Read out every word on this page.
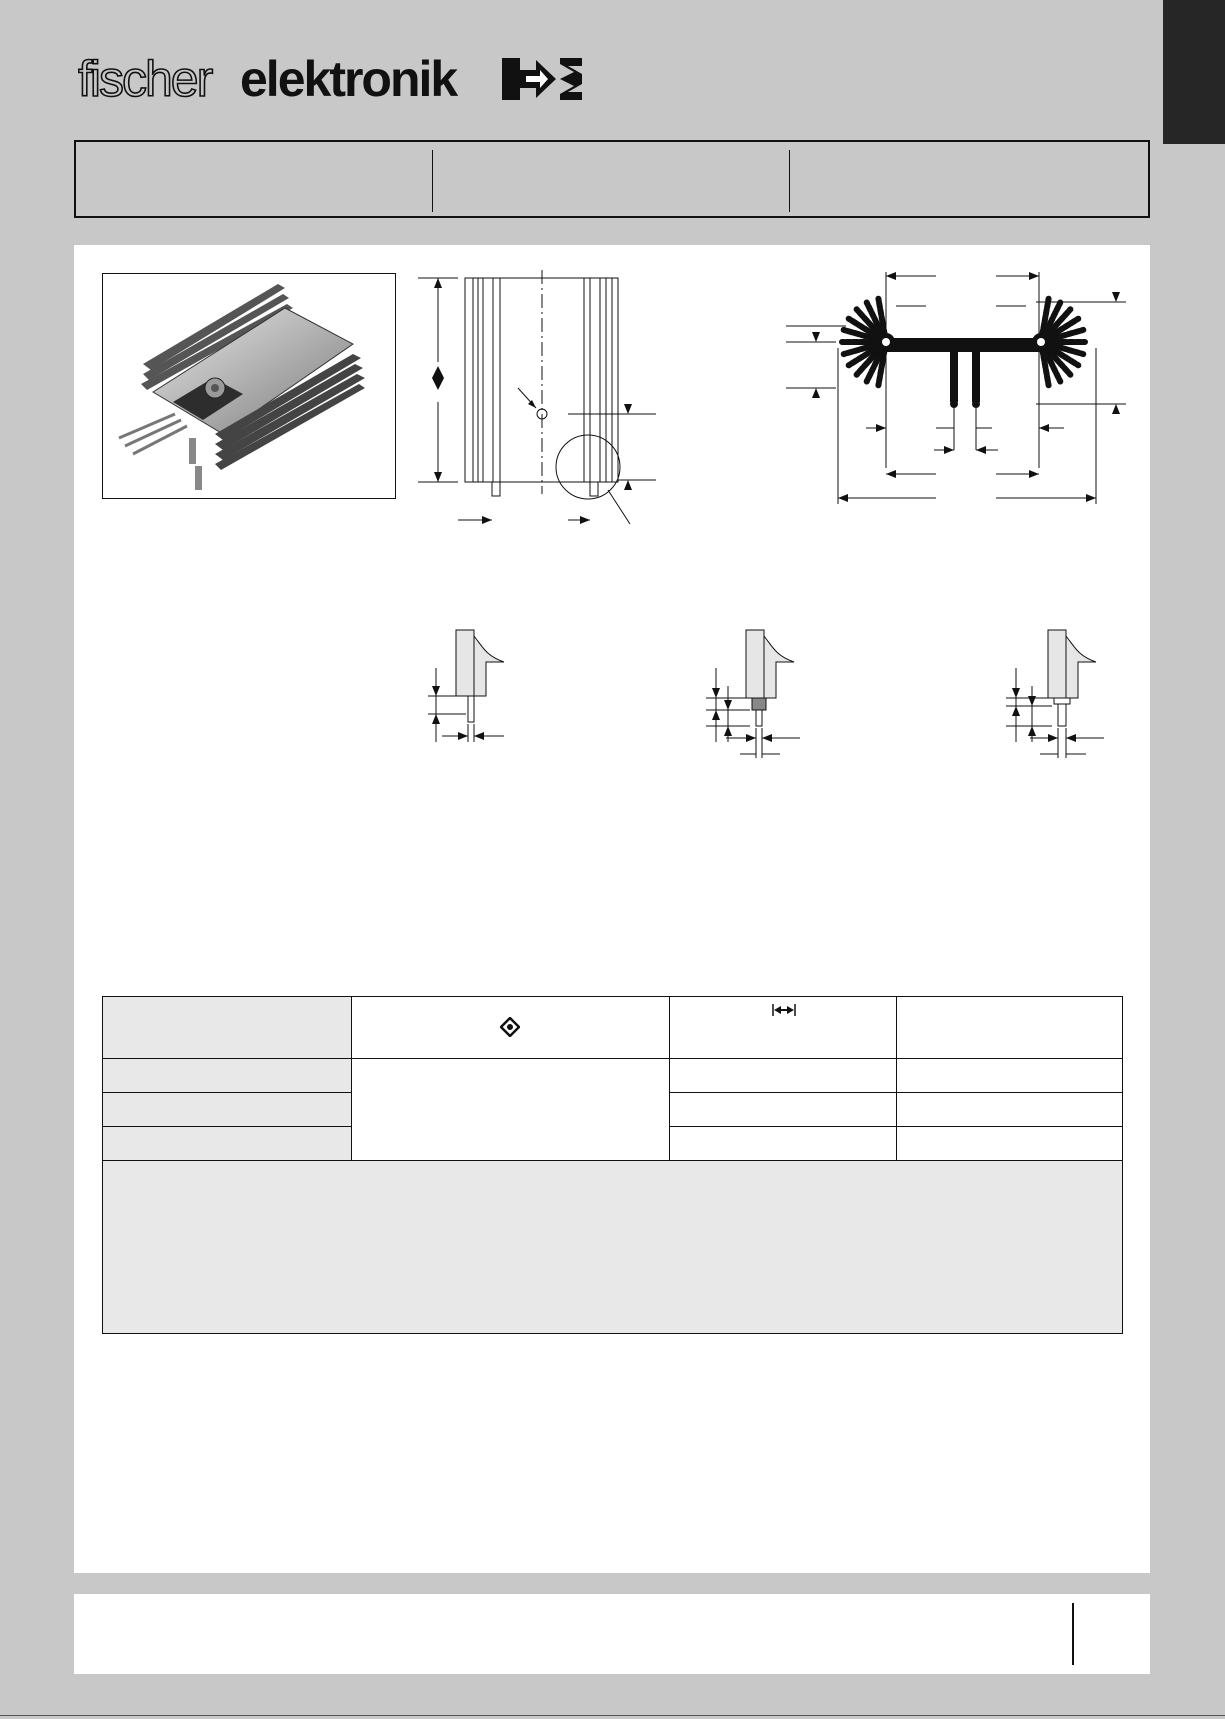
fischer elektronik
